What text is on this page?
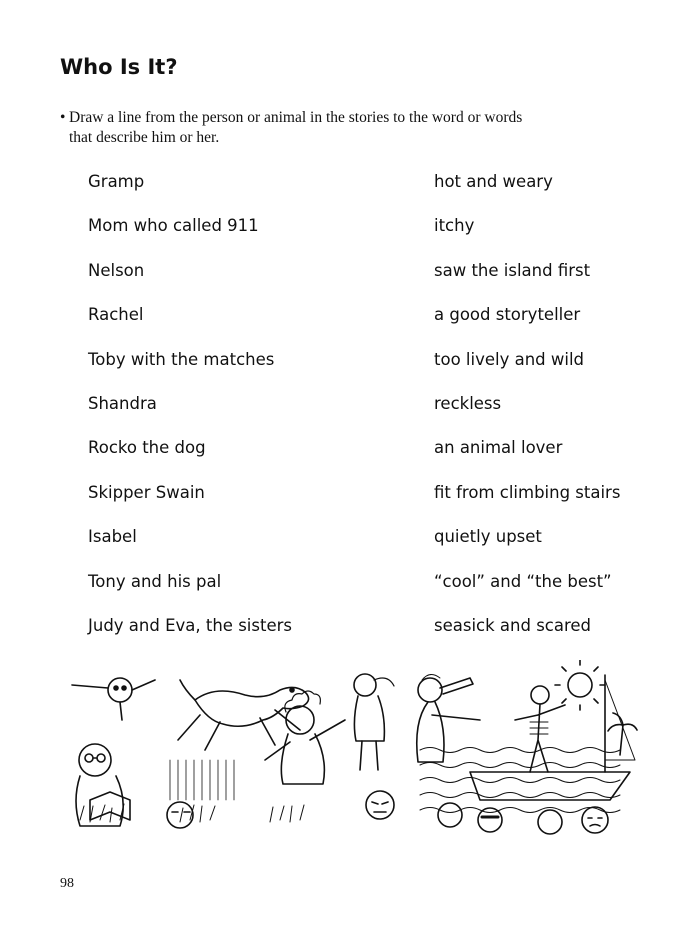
Who Is It?
• Draw a line from the person or animal in the stories to the word or words that describe him or her.
Gramp
Mom who called 911
Nelson
Rachel
Toby with the matches
Shandra
Rocko the dog
Skipper Swain
Isabel
Tony and his pal
Judy and Eva, the sisters
hot and weary
itchy
saw the island first
a good storyteller
too lively and wild
reckless
an animal lover
fit from climbing stairs
quietly upset
“cool” and “the best”
seasick and scared
98
